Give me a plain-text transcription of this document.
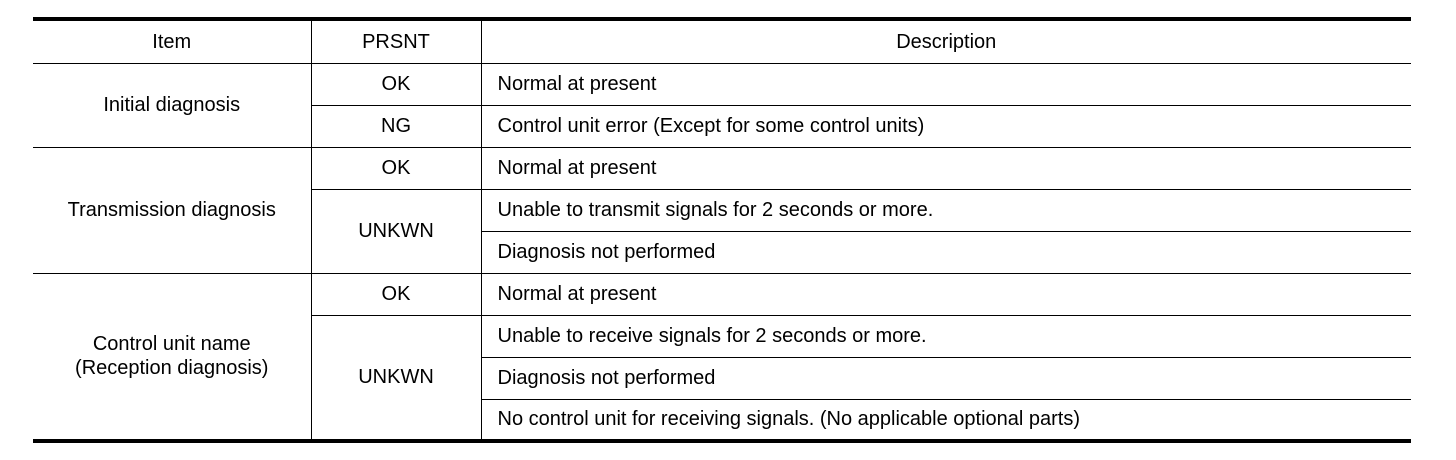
Item	PRSNT	Description
Initial diagnosis	OK	Normal at present
	NG	Control unit error (Except for some control units)
Transmission diagnosis	OK	Normal at present
	UNKWN	Unable to transmit signals for 2 seconds or more.
		Diagnosis not performed

Control unit name
(Reception diagnosis)	OK	Normal at present
	UNKWN	Unable to receive signals for 2 seconds or more.
		Diagnosis not performed
		No control unit for receiving signals. (No applicable optional parts)
